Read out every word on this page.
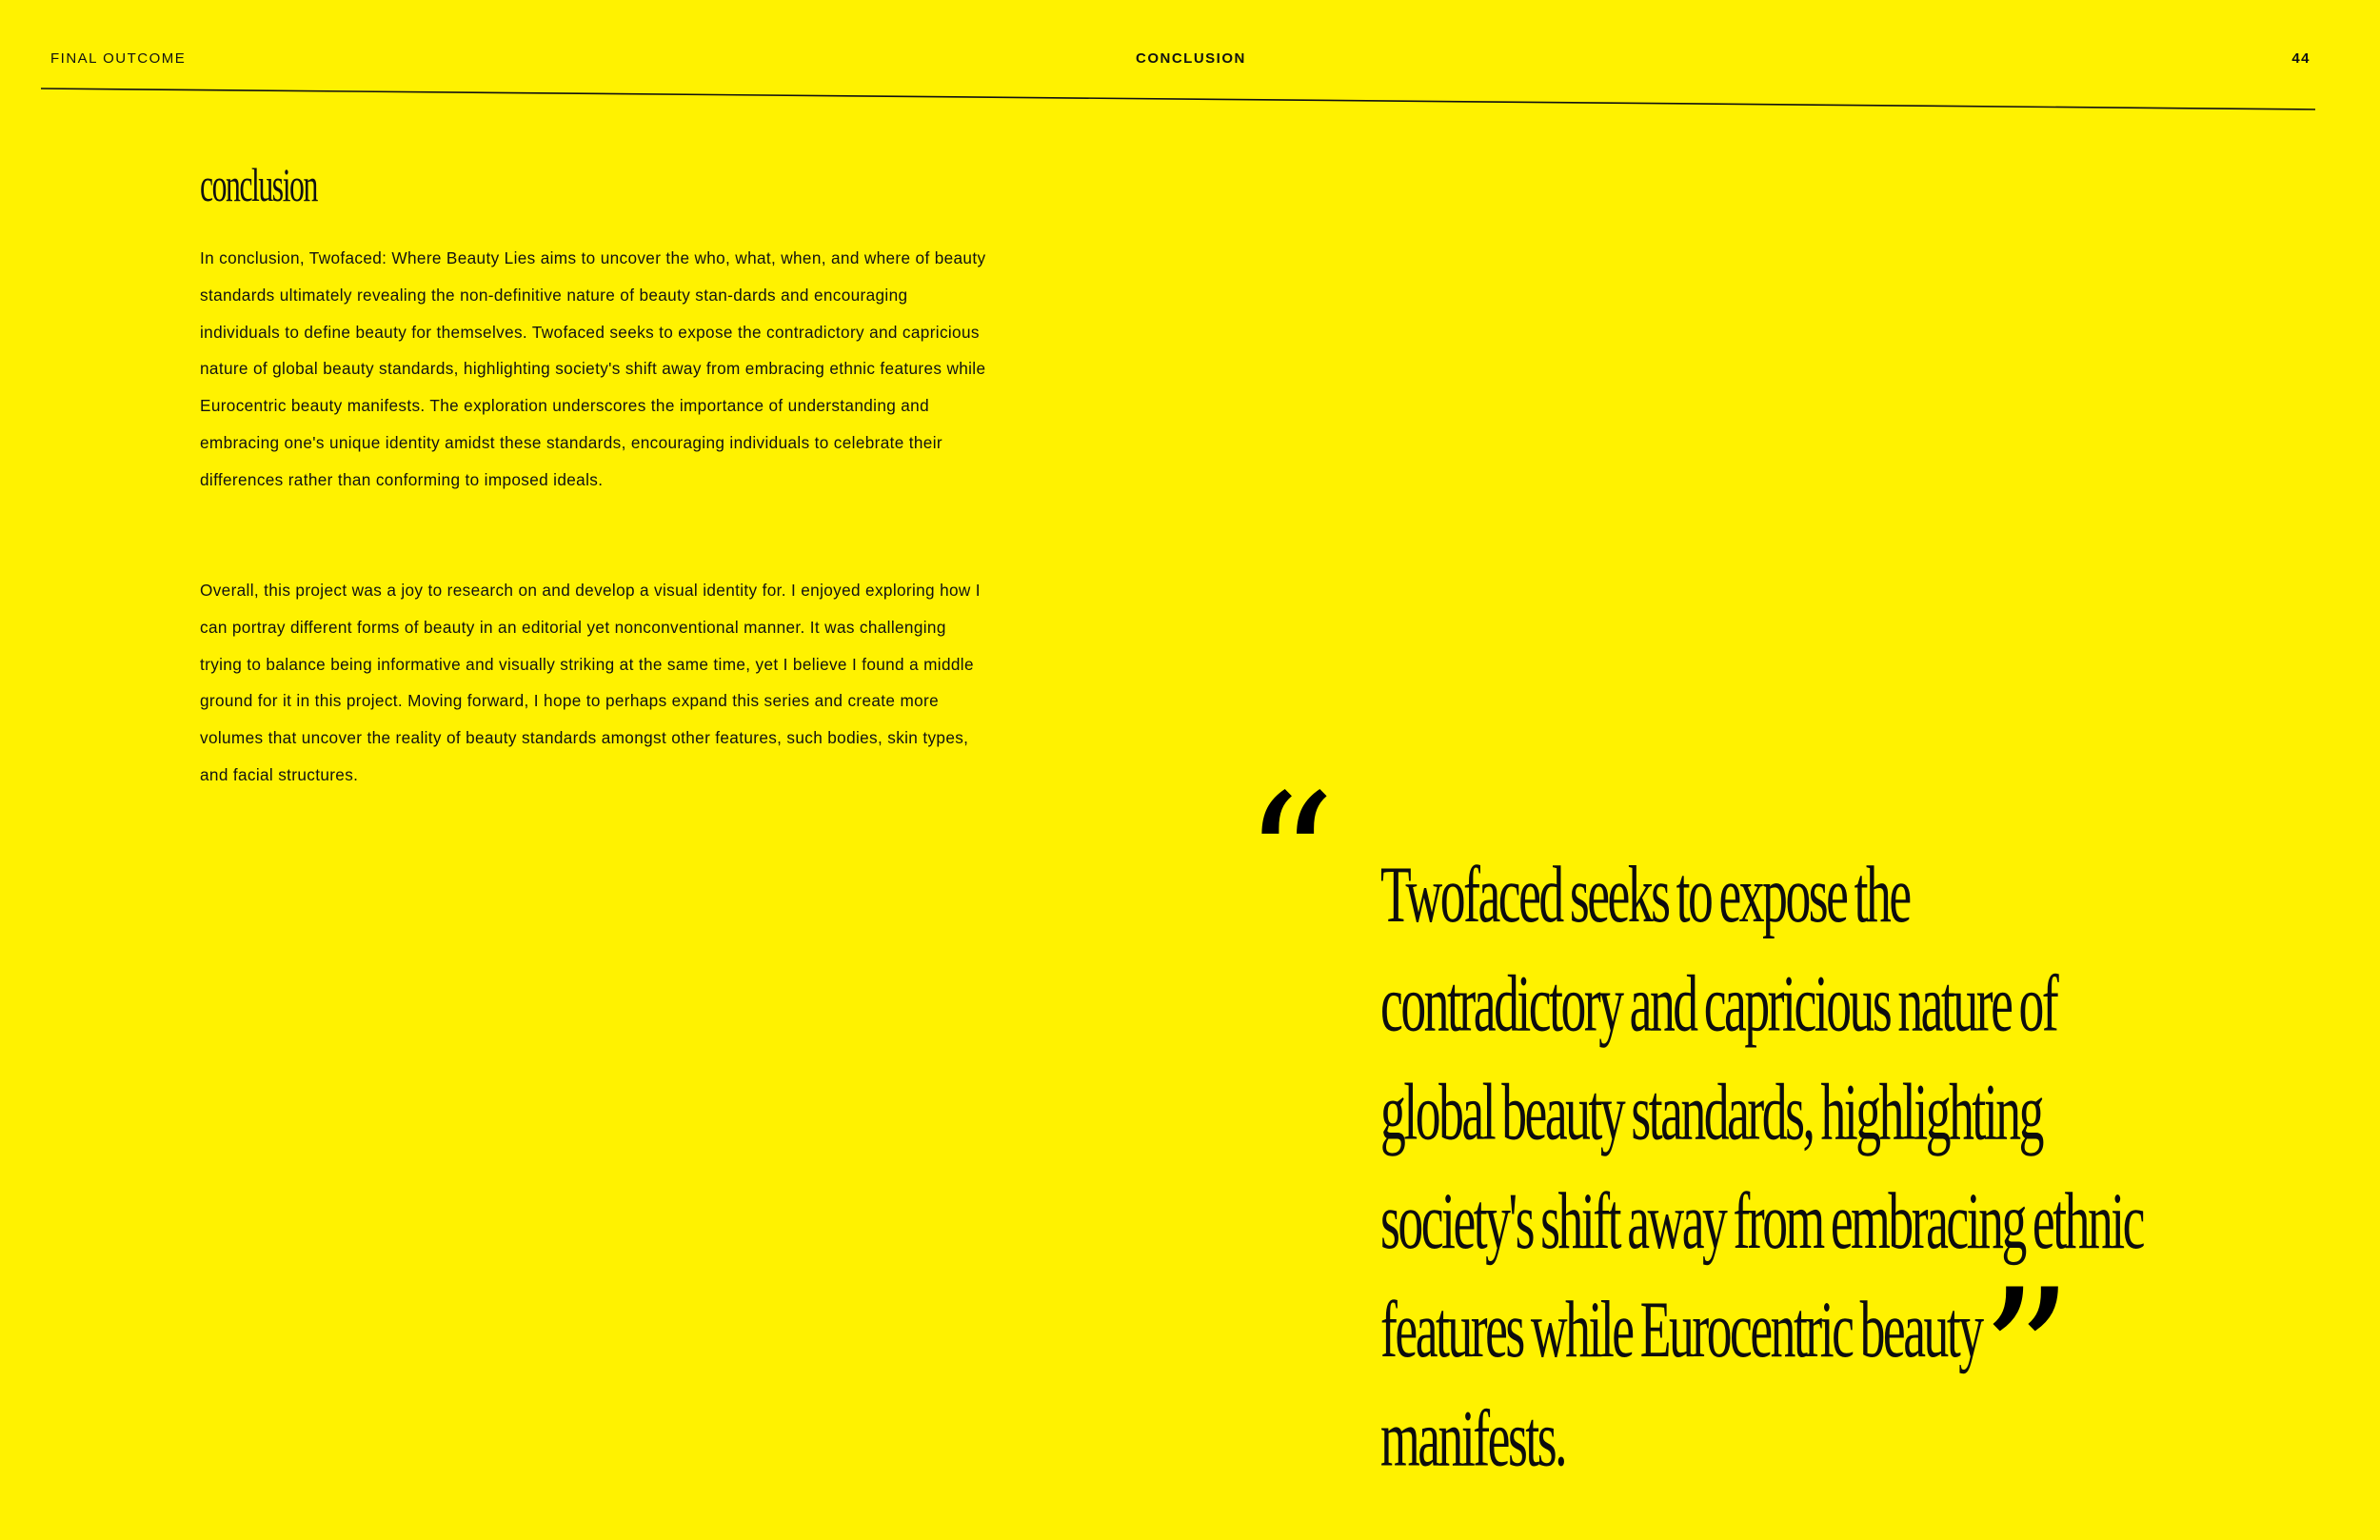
FINAL OUTCOME	CONCLUSION	44
conclusion

In conclusion, Twofaced: Where Beauty Lies aims to uncover the who, what, when, and where of beauty standards ultimately revealing the non-definitive nature of beauty stan-dards and encouraging individuals to define beauty for themselves. Twofaced seeks to expose the contradictory and capricious nature of global beauty standards, highlighting society's shift away from embracing ethnic features while Eurocentric beauty manifests. The exploration underscores the importance of understanding and embracing one's unique identity amidst these standards, encouraging individuals to celebrate their differences rather than conforming to imposed ideals.

Overall, this project was a joy to research on and develop a visual identity for. I enjoyed exploring how I can portray different forms of beauty in an editorial yet nonconventional manner. It was challenging trying to balance being informative and visually striking at the same time, yet I believe I found a middle ground for it in this project. Moving forward, I hope to perhaps expand this series and create more volumes that uncover the reality of beauty standards amongst other features, such bodies, skin types, and facial structures.	“ Twofaced seeks to expose the contradictory and capricious nature of global beauty standards, highlighting society's shift away from embracing ethnic features while Eurocentric beauty manifests.	”
